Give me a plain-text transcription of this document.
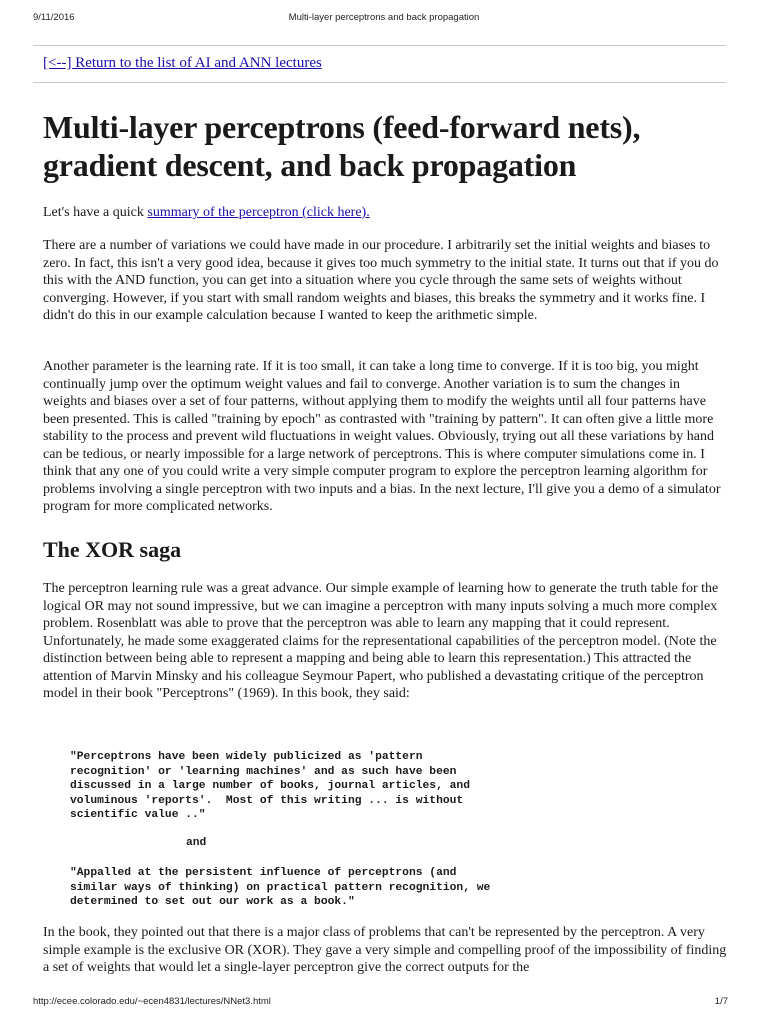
9/11/2016	Multi-layer perceptrons and back propagation
[<--] Return to the list of AI and ANN lectures
Multi-layer perceptrons (feed-forward nets), gradient descent, and back propagation

Let's have a quick summary of the perceptron (click here).

There are a number of variations we could have made in our procedure. I arbitrarily set the initial weights and biases to zero. In fact, this isn't a very good idea, because it gives too much symmetry to the initial state. It turns out that if you do this with the AND function, you can get into a situation where you cycle through the same sets of weights without converging. However, if you start with small random weights and biases, this breaks the symmetry and it works fine. I didn't do this in our example calculation because I wanted to keep the arithmetic simple.

Another parameter is the learning rate. If it is too small, it can take a long time to converge. If it is too big, you might continually jump over the optimum weight values and fail to converge. Another variation is to sum the changes in weights and biases over a set of four patterns, without applying them to modify the weights until all four patterns have been presented. This is called "training by epoch" as contrasted with "training by pattern". It can often give a little more stability to the process and prevent wild fluctuations in weight values. Obviously, trying out all these variations by hand can be tedious, or nearly impossible for a large network of perceptrons. This is where computer simulations come in. I think that any one of you could write a very simple computer program to explore the perceptron learning algorithm for problems involving a single perceptron with two inputs and a bias. In the next lecture, I'll give you a demo of a simulator program for more complicated networks.

The XOR saga

The perceptron learning rule was a great advance. Our simple example of learning how to generate the truth table for the logical OR may not sound impressive, but we can imagine a perceptron with many inputs solving a much more complex problem. Rosenblatt was able to prove that the perceptron was able to learn any mapping that it could represent. Unfortunately, he made some exaggerated claims for the representational capabilities of the perceptron model. (Note the distinction between being able to represent a mapping and being able to learn this representation.) This attracted the attention of Marvin Minsky and his colleague Seymour Papert, who published a devastating critique of the perceptron model in their book "Perceptrons" (1969). In this book, they said:

"Perceptrons have been widely publicized as 'pattern
recognition' or 'learning machines' and as such have been
discussed in a large number of books, journal articles, and
voluminous 'reports'.  Most of this writing ... is without
scientific value .."
and
"Appalled at the persistent influence of perceptrons (and
similar ways of thinking) on practical pattern recognition, we
determined to set out our work as a book."

In the book, they pointed out that there is a major class of problems that can't be represented by the perceptron. A very simple example is the exclusive OR (XOR). They gave a very simple and compelling proof of the impossibility of finding a set of weights that would let a single-layer perceptron give the correct outputs for the

http://ecee.colorado.edu/~ecen4831/lectures/NNet3.html	1/7
